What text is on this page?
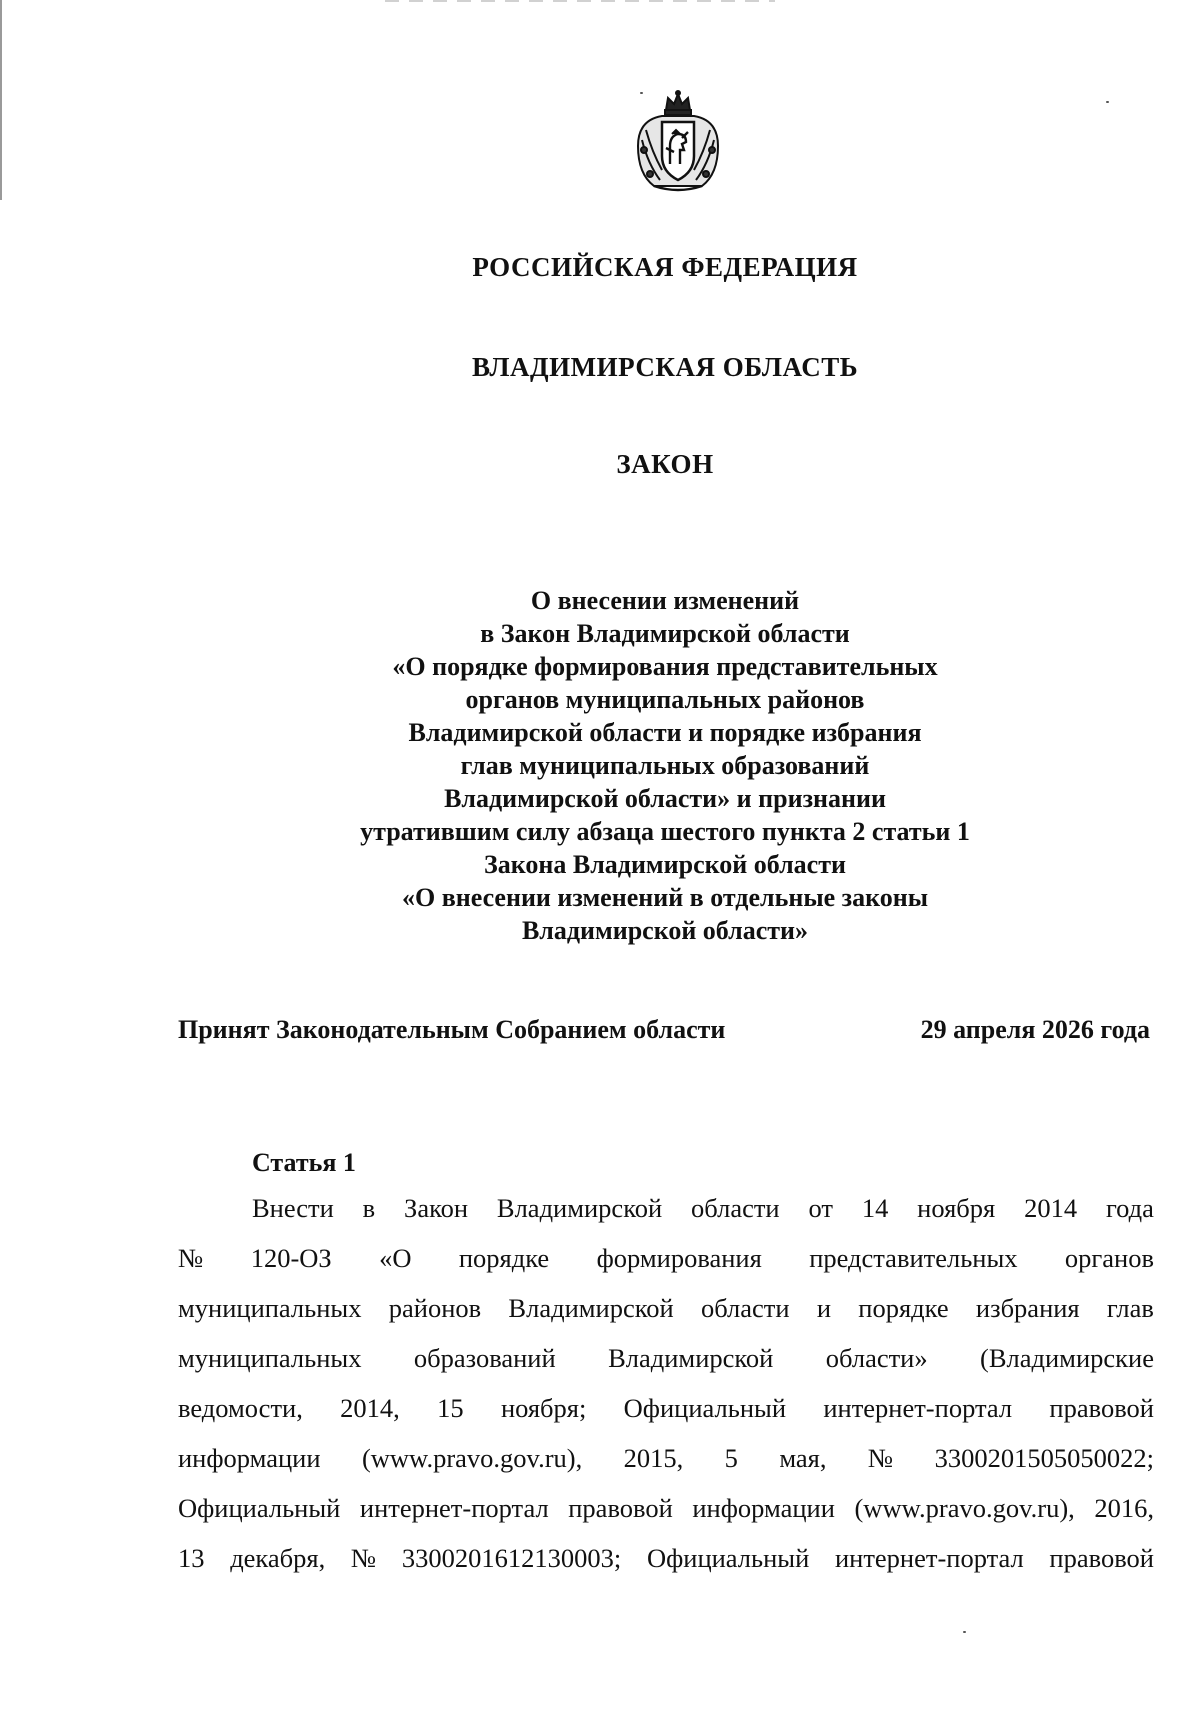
РОССИЙСКАЯ ФЕДЕРАЦИЯ
ВЛАДИМИРСКАЯ ОБЛАСТЬ
ЗАКОН
О внесении изменений
в Закон Владимирской области
«О порядке формирования представительных
органов муниципальных районов
Владимирской области и порядке избрания
глав муниципальных образований
Владимирской области» и признании
утратившим силу абзаца шестого пункта 2 статьи 1
Закона Владимирской области
«О внесении изменений в отдельные законы
Владимирской области»
Принят Законодательным Собранием области	29 апреля 2026 года
Статья 1
Внести в Закон Владимирской области от 14 ноября 2014 года
№ 120-ОЗ «О порядке формирования представительных органов
муниципальных районов Владимирской области и порядке избрания глав
муниципальных образований Владимирской области» (Владимирские
ведомости, 2014, 15 ноября; Официальный интернет-портал правовой
информации (www.pravo.gov.ru), 2015, 5 мая, № 3300201505050022;
Официальный интернет-портал правовой информации (www.pravo.gov.ru), 2016,
13 декабря, № 3300201612130003; Официальный интернет-портал правовой
